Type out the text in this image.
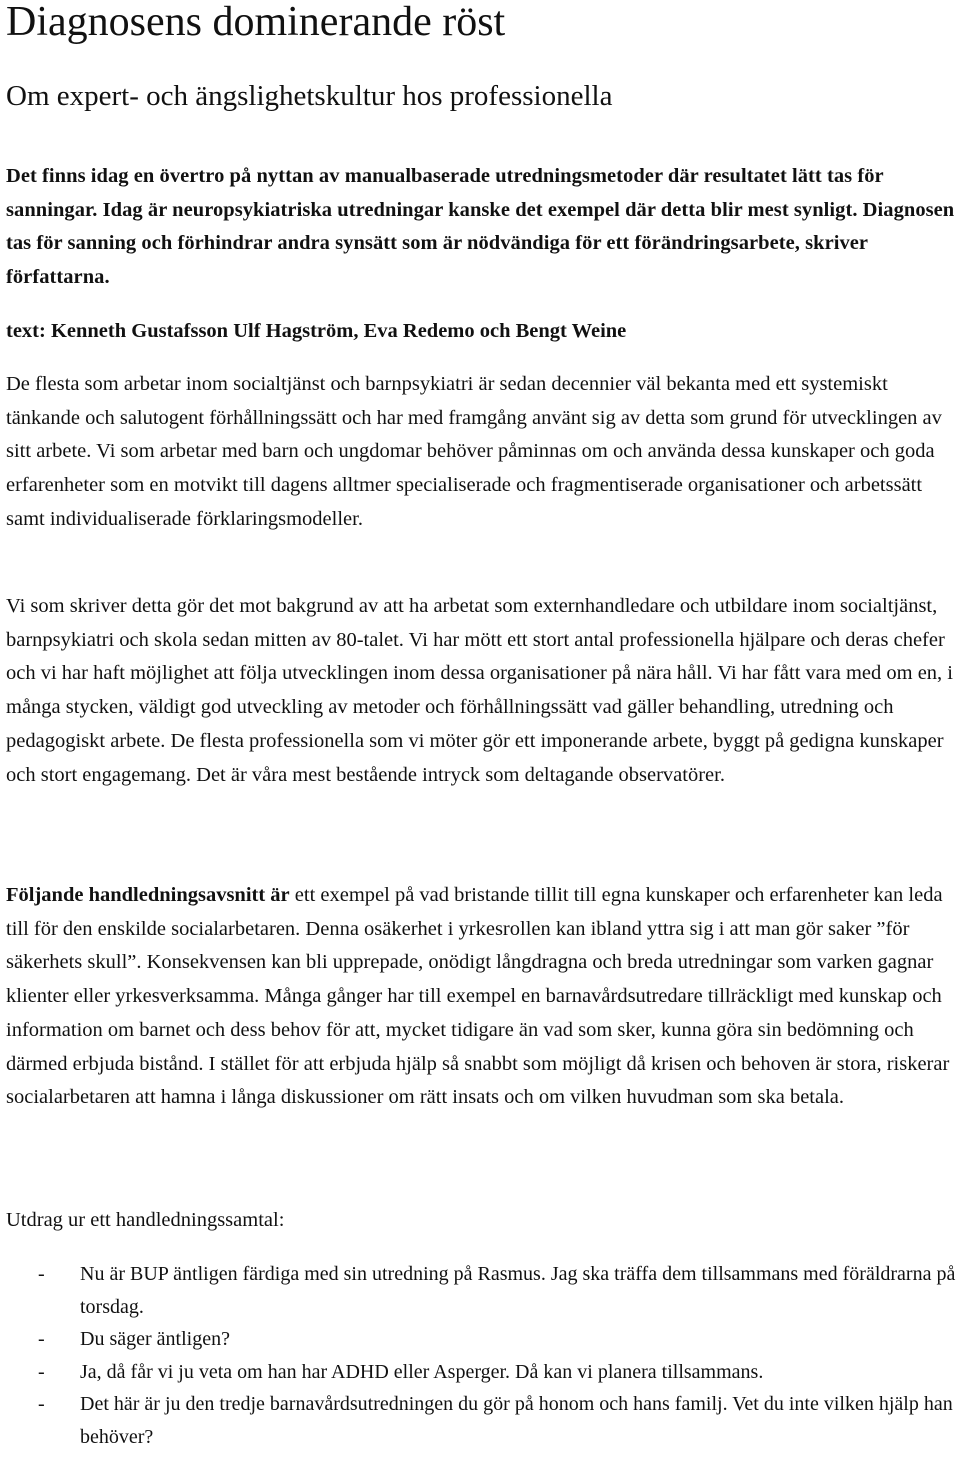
Diagnosens dominerande röst
Om expert- och ängslighetskultur hos professionella

Det finns idag en övertro på nyttan av manualbaserade utredningsmetoder där resultatet lätt tas för sanningar. Idag är neuropsykiatriska utredningar kanske det exempel där detta blir mest synligt. Diagnosen tas för sanning och förhindrar andra synsätt som är nödvändiga för ett förändringsarbete, skriver författarna.

text: Kenneth Gustafsson Ulf Hagström, Eva Redemo och Bengt Weine

De flesta som arbetar inom socialtjänst och barnpsykiatri är sedan decennier väl bekanta med ett systemiskt tänkande och salutogent förhållningssätt och har med framgång använt sig av detta som grund för utvecklingen av sitt arbete. Vi som arbetar med barn och ungdomar behöver påminnas om och använda dessa kunskaper och goda erfarenheter som en motvikt till dagens alltmer specialiserade och fragmentiserade organisationer och arbetssätt samt individualiserade förklaringsmodeller.

Vi som skriver detta gör det mot bakgrund av att ha arbetat som externhandledare och utbildare inom socialtjänst, barnpsykiatri och skola sedan mitten av 80-talet. Vi har mött ett stort antal professionella hjälpare och deras chefer och vi har haft möjlighet att följa utvecklingen inom dessa organisationer på nära håll. Vi har fått vara med om en, i många stycken, väldigt god utveckling av metoder och förhållningssätt vad gäller behandling, utredning och pedagogiskt arbete. De flesta professionella som vi möter gör ett imponerande arbete, byggt på gedigna kunskaper och stort engagemang. Det är våra mest bestående intryck som deltagande observatörer.

Följande handledningsavsnitt är ett exempel på vad bristande tillit till egna kunskaper och erfarenheter kan leda till för den enskilde socialarbetaren. Denna osäkerhet i yrkesrollen kan ibland yttra sig i att man gör saker ”för säkerhets skull”. Konsekvensen kan bli upprepade, onödigt långdragna och breda utredningar som varken gagnar klienter eller yrkesverksamma. Många gånger har till exempel en barnavårdsutredare tillräckligt med kunskap och information om barnet och dess behov för att, mycket tidigare än vad som sker, kunna göra sin bedömning och därmed erbjuda bistånd. I stället för att erbjuda hjälp så snabbt som möjligt då krisen och behoven är stora, riskerar socialarbetaren att hamna i långa diskussioner om rätt insats och om vilken huvudman som ska betala.

Utdrag ur ett handledningssamtal:

- Nu är BUP äntligen färdiga med sin utredning på Rasmus. Jag ska träffa dem tillsammans med föräldrarna på torsdag.
- Du säger äntligen?
- Ja, då får vi ju veta om han har ADHD eller Asperger. Då kan vi planera tillsammans.
- Det här är ju den tredje barnavårdsutredningen du gör på honom och hans familj. Vet du inte vilken hjälp han behöver?
